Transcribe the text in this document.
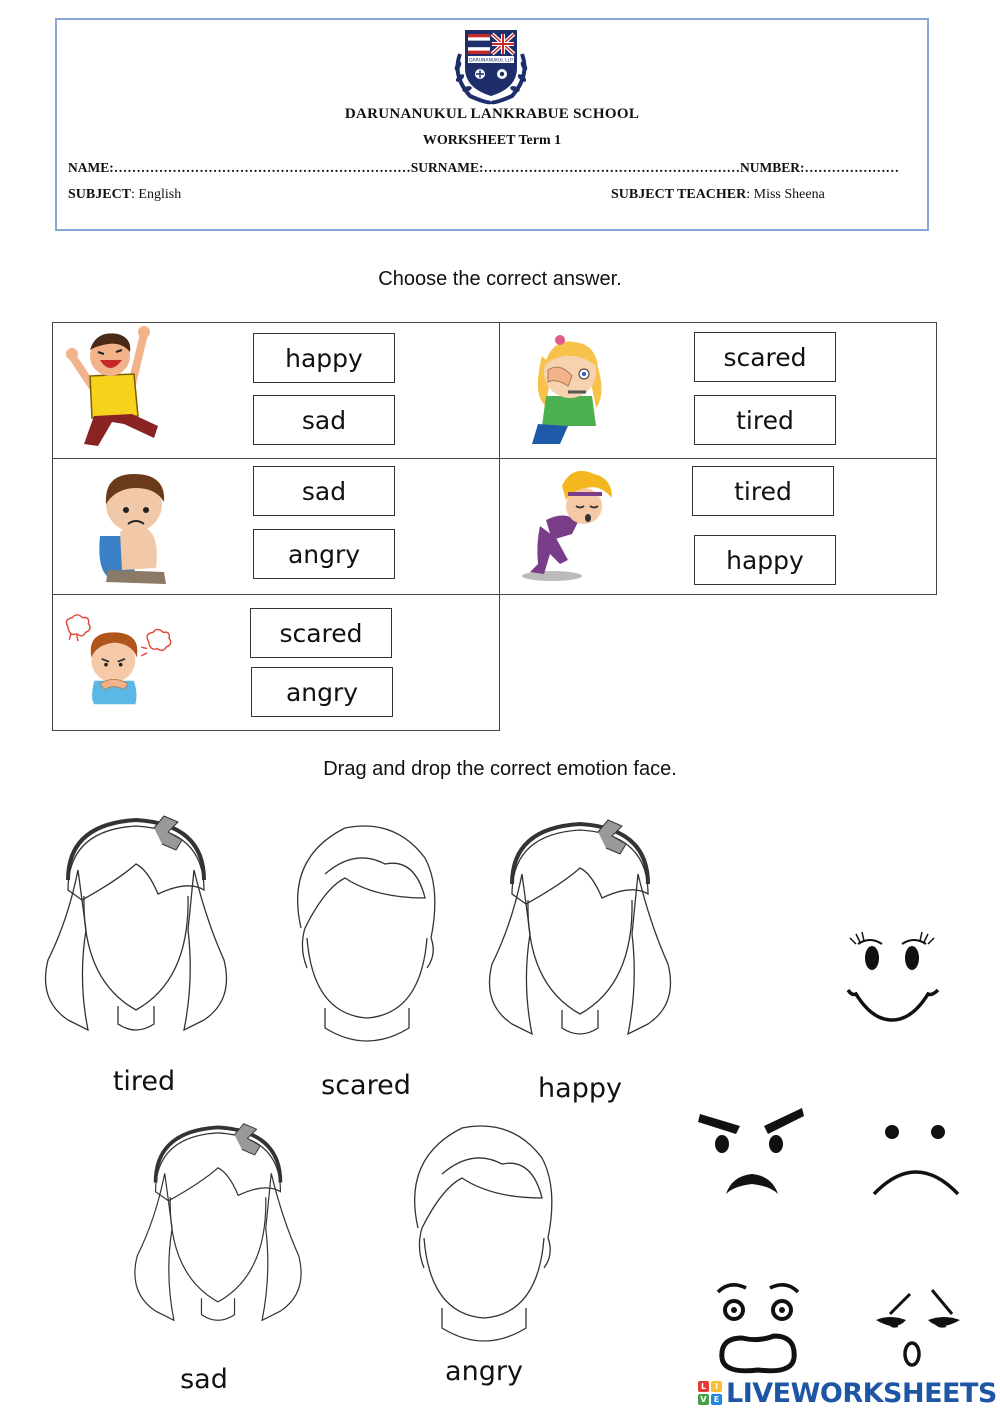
DARUNANUKUL LLP
DARUNANUKUL LANKRABUE SCHOOL
WORKSHEET Term 1
NAME:…………………………………………………………SURNAME:…………………………………………………NUMBER:…………………
SUBJECT: English	SUBJECT TEACHER: Miss Sheena
Choose the correct answer.
happy
sad
scared
tired
sad
angry
tired
happy
scared
angry
Drag and drop the correct emotion face.
tired	scared	happy
sad	angry	L	I
V E LIVEWORKSHEETS
